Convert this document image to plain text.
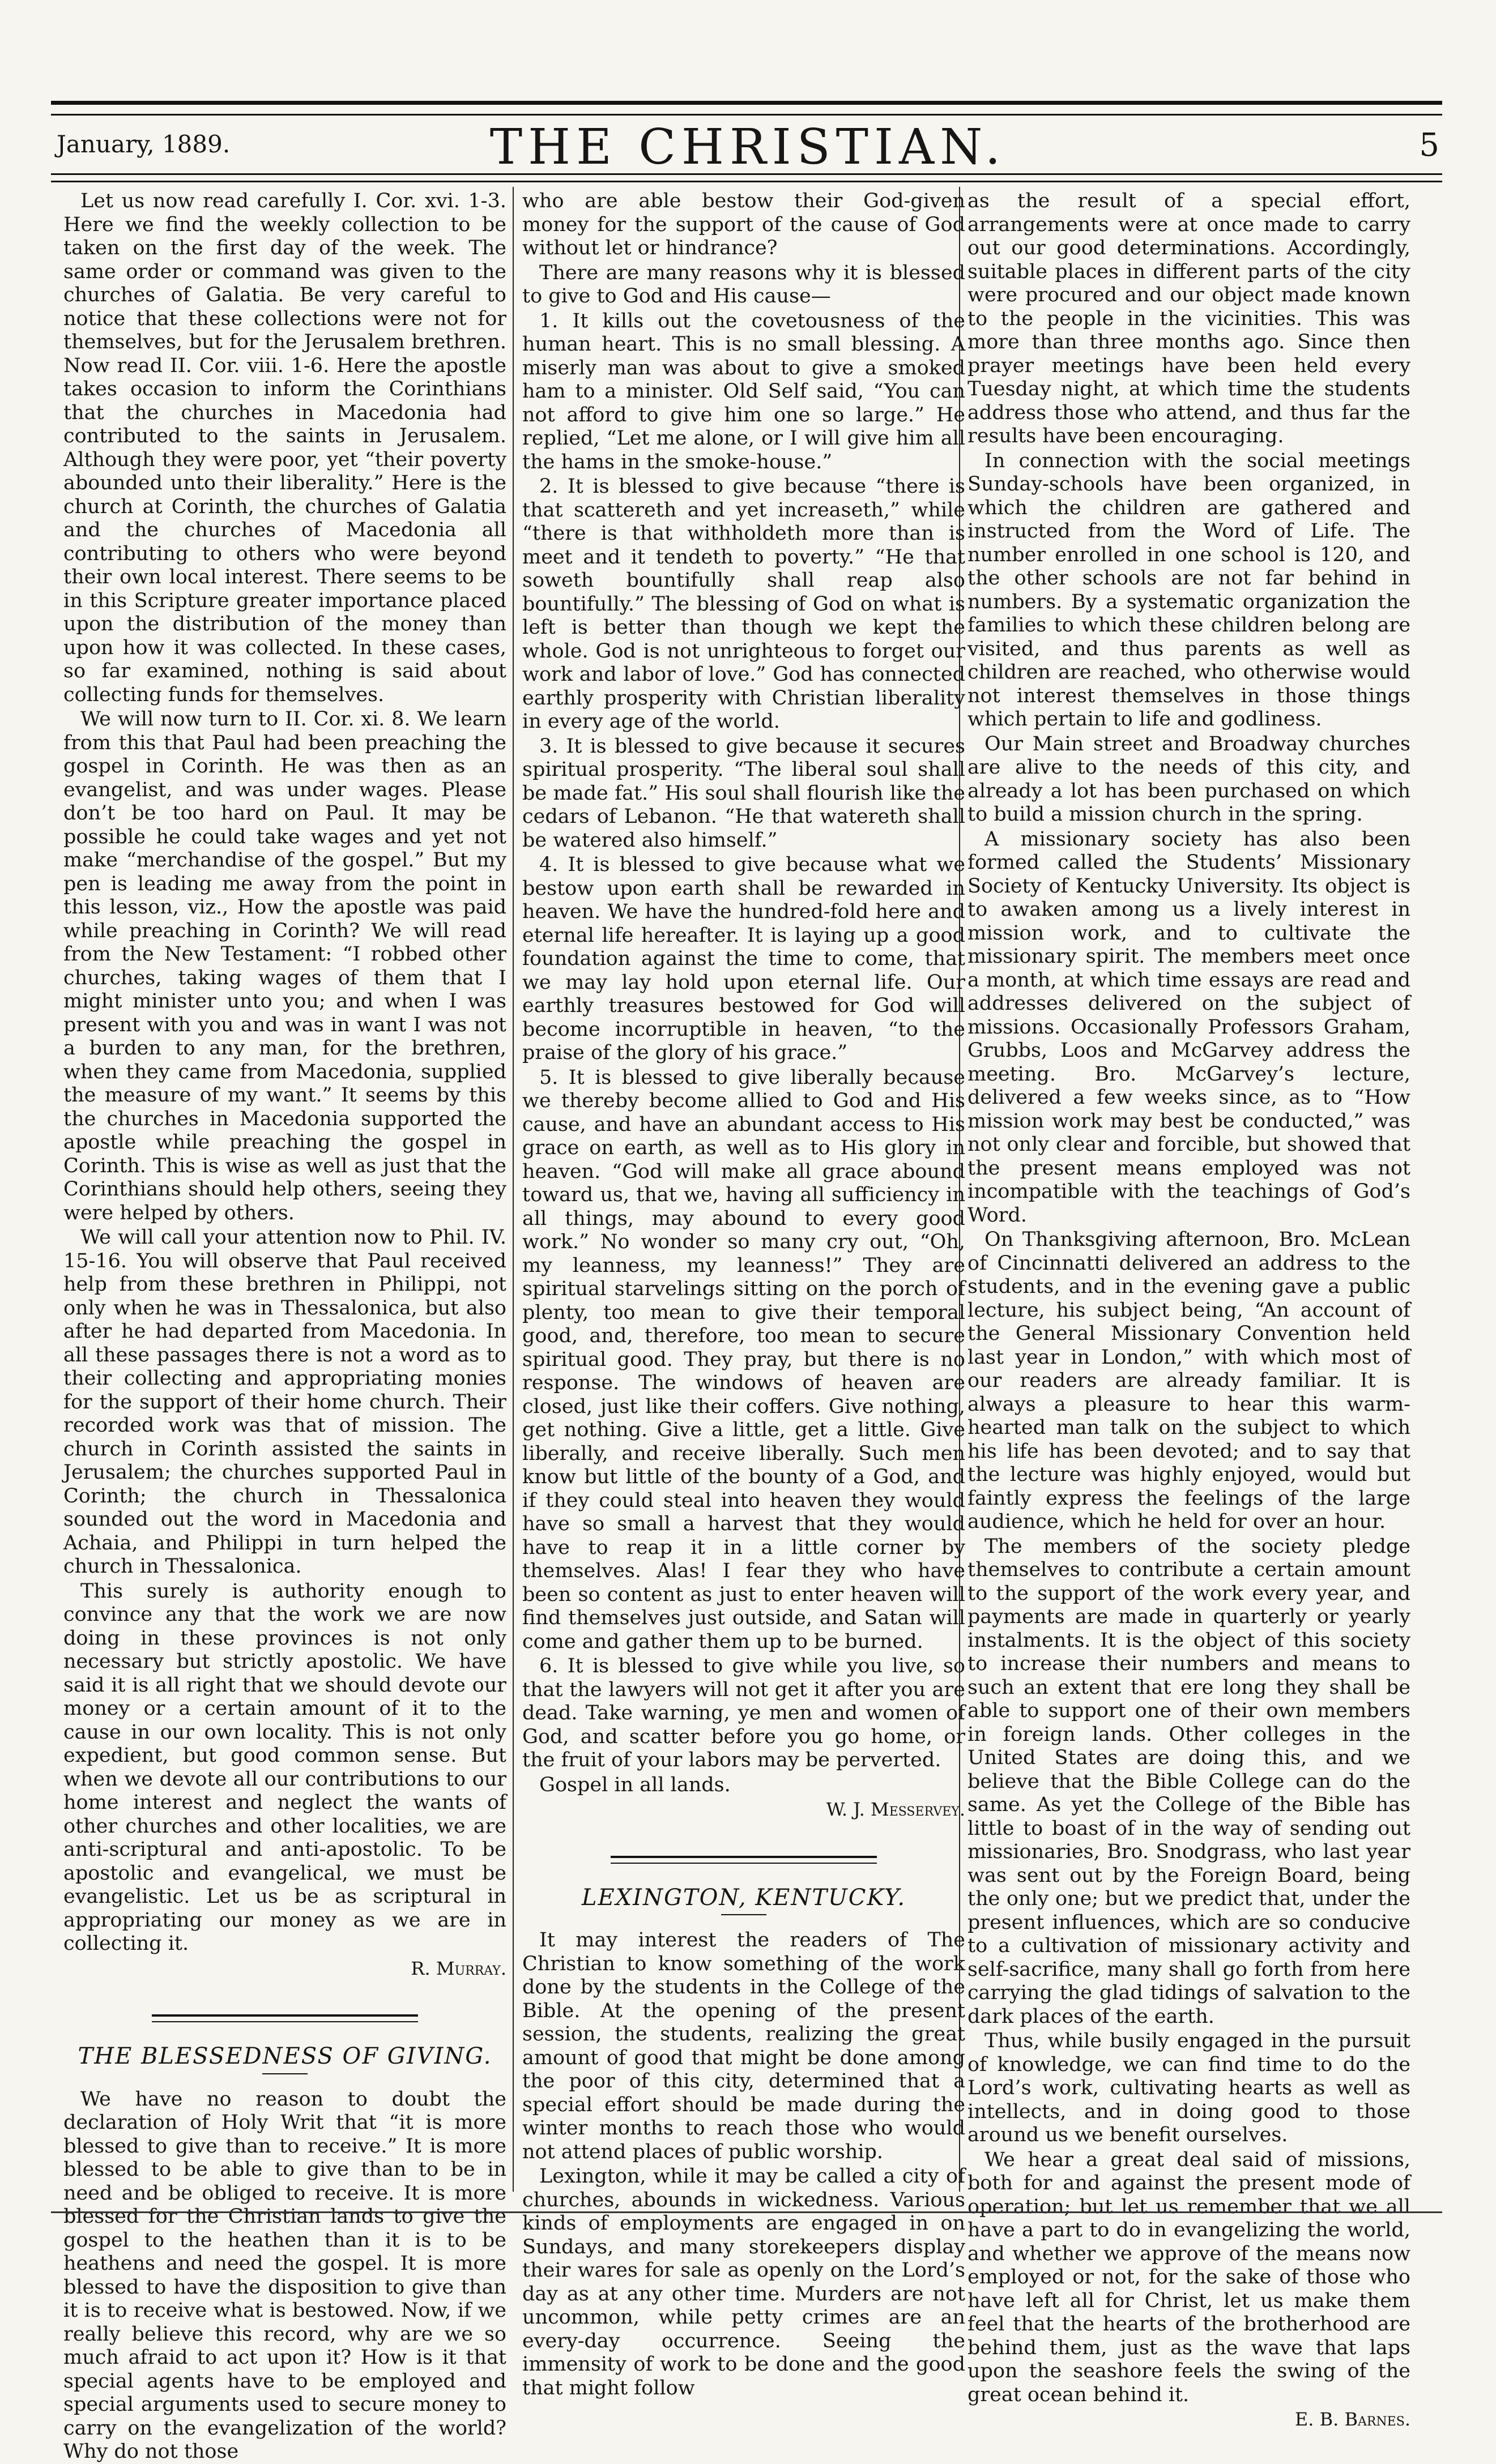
January, 1889.	THE CHRISTIAN.	5

Let us now read carefully I. Cor. xvi. 1-3. Here we find the weekly collection to be taken on the first day of the week. The same order or command was given to the churches of Galatia. Be very careful to notice that these collections were not for themselves, but for the Jerusalem brethren. Now read II. Cor. viii. 1-6. Here the apostle takes occasion to inform the Corinthians that the churches in Macedonia had contributed to the saints in Jerusalem. Although they were poor, yet “their poverty abounded unto their liberality.” Here is the church at Corinth, the churches of Galatia and the churches of Macedonia all contributing to others who were beyond their own local interest. There seems to be in this Scripture greater importance placed upon the distribution of the money than upon how it was collected. In these cases, so far examined, nothing is said about collecting funds for themselves.

We will now turn to II. Cor. xi. 8. We learn from this that Paul had been preaching the gospel in Corinth. He was then as an evangelist, and was under wages. Please don’t be too hard on Paul. It may be possible he could take wages and yet not make “merchandise of the gospel.” But my pen is leading me away from the point in this lesson, viz., How the apostle was paid while preaching in Corinth? We will read from the New Testament: “I robbed other churches, taking wages of them that I might minister unto you; and when I was present with you and was in want I was not a burden to any man, for the brethren, when they came from Macedonia, supplied the measure of my want.” It seems by this the churches in Macedonia supported the apostle while preaching the gospel in Corinth. This is wise as well as just that the Corinthians should help others, seeing they were helped by others.

We will call your attention now to Phil. IV. 15-16. You will observe that Paul received help from these brethren in Philippi, not only when he was in Thessalonica, but also after he had departed from Macedonia. In all these passages there is not a word as to their collecting and appropriating monies for the support of their home church. Their recorded work was that of mission. The church in Corinth assisted the saints in Jerusalem; the churches supported Paul in Corinth; the church in Thessalonica sounded out the word in Macedonia and Achaia, and Philippi in turn helped the church in Thessalonica.

This surely is authority enough to convince any that the work we are now doing in these provinces is not only necessary but strictly apostolic. We have said it is all right that we should devote our money or a certain amount of it to the cause in our own locality. This is not only expedient, but good common sense. But when we devote all our contributions to our home interest and neglect the wants of other churches and other localities, we are anti-scriptural and anti-apostolic. To be apostolic and evangelical, we must be evangelistic. Let us be as scriptural in appropriating our money as we are in collecting it.

R. Murray.

THE BLESSEDNESS OF GIVING.

We have no reason to doubt the declaration of Holy Writ that “it is more blessed to give than to receive.” It is more blessed to be able to give than to be in need and be obliged to receive. It is more blessed for the Christian lands to give the gospel to the heathen than it is to be heathens and need the gospel. It is more blessed to have the disposition to give than it is to receive what is bestowed. Now, if we really believe this record, why are we so much afraid to act upon it? How is it that special agents have to be employed and special arguments used to secure money to carry on the evangelization of the world? Why do not those

who are able bestow their God-given money for the support of the cause of God without let or hindrance?

There are many reasons why it is blessed to give to God and His cause—

1. It kills out the covetousness of the human heart. This is no small blessing. A miserly man was about to give a smoked ham to a minister. Old Self said, “You can not afford to give him one so large.” He replied, “Let me alone, or I will give him all the hams in the smoke-house.”

2. It is blessed to give because “there is that scattereth and yet increaseth,” while “there is that withholdeth more than is meet and it tendeth to poverty.” “He that soweth bountifully shall reap also bountifully.” The blessing of God on what is left is better than though we kept the whole. God is not unrighteous to forget our work and labor of love.” God has connected earthly prosperity with Christian liberality in every age of the world.

3. It is blessed to give because it secures spiritual prosperity. “The liberal soul shall be made fat.” His soul shall flourish like the cedars of Lebanon. “He that watereth shall be watered also himself.”

4. It is blessed to give because what we bestow upon earth shall be rewarded in heaven. We have the hundred-fold here and eternal life hereafter. It is laying up a good foundation against the time to come, that we may lay hold upon eternal life. Our earthly treasures bestowed for God will become incorruptible in heaven, “to the praise of the glory of his grace.”

5. It is blessed to give liberally because we thereby become allied to God and His cause, and have an abundant access to His grace on earth, as well as to His glory in heaven. “God will make all grace abound toward us, that we, having all sufficiency in all things, may abound to every good work.” No wonder so many cry out, “Oh, my leanness, my leanness!” They are spiritual starvelings sitting on the porch of plenty, too mean to give their temporal good, and, therefore, too mean to secure spiritual good. They pray, but there is no response. The windows of heaven are closed, just like their coffers. Give nothing, get nothing. Give a little, get a little. Give liberally, and receive liberally. Such men know but little of the bounty of a God, and if they could steal into heaven they would have so small a harvest that they would have to reap it in a little corner by themselves. Alas! I fear they who have been so content as just to enter heaven will find themselves just outside, and Satan will come and gather them up to be burned.

6. It is blessed to give while you live, so that the lawyers will not get it after you are dead. Take warning, ye men and women of God, and scatter before you go home, or the fruit of your labors may be perverted.

Gospel in all lands.

W. J. Messervey.

LEXINGTON, KENTUCKY.

It may interest the readers of The Christian to know something of the work done by the students in the College of the Bible. At the opening of the present session, the students, realizing the great amount of good that might be done among the poor of this city, determined that a special effort should be made during the winter months to reach those who would not attend places of public worship.

Lexington, while it may be called a city of churches, abounds in wickedness. Various kinds of employments are engaged in on Sundays, and many storekeepers display their wares for sale as openly on the Lord’s day as at any other time. Murders are not uncommon, while petty crimes are an every-day occurrence. Seeing the immensity of work to be done and the good that might follow

as the result of a special effort, arrangements were at once made to carry out our good determinations. Accordingly, suitable places in different parts of the city were procured and our object made known to the people in the vicinities. This was more than three months ago. Since then prayer meetings have been held every Tuesday night, at which time the students address those who attend, and thus far the results have been encouraging.

In connection with the social meetings Sunday-schools have been organized, in which the children are gathered and instructed from the Word of Life. The number enrolled in one school is 120, and the other schools are not far behind in numbers. By a systematic organization the families to which these children belong are visited, and thus parents as well as children are reached, who otherwise would not interest themselves in those things which pertain to life and godliness.

Our Main street and Broadway churches are alive to the needs of this city, and already a lot has been purchased on which to build a mission church in the spring.

A missionary society has also been formed called the Students’ Missionary Society of Kentucky University. Its object is to awaken among us a lively interest in mission work, and to cultivate the missionary spirit. The members meet once a month, at which time essays are read and addresses delivered on the subject of missions. Occasionally Professors Graham, Grubbs, Loos and McGarvey address the meeting. Bro. McGarvey’s lecture, delivered a few weeks since, as to “How mission work may best be conducted,” was not only clear and forcible, but showed that the present means employed was not incompatible with the teachings of God’s Word.

On Thanksgiving afternoon, Bro. McLean of Cincinnatti delivered an address to the students, and in the evening gave a public lecture, his subject being, “An account of the General Missionary Convention held last year in London,” with which most of our readers are already familiar. It is always a pleasure to hear this warm-hearted man talk on the subject to which his life has been devoted; and to say that the lecture was highly enjoyed, would but faintly express the feelings of the large audience, which he held for over an hour.

The members of the society pledge themselves to contribute a certain amount to the support of the work every year, and payments are made in quarterly or yearly instalments. It is the object of this society to increase their numbers and means to such an extent that ere long they shall be able to support one of their own members in foreign lands. Other colleges in the United States are doing this, and we believe that the Bible College can do the same. As yet the College of the Bible has little to boast of in the way of sending out missionaries, Bro. Snodgrass, who last year was sent out by the Foreign Board, being the only one; but we predict that, under the present influences, which are so conducive to a cultivation of missionary activity and self-sacrifice, many shall go forth from here carrying the glad tidings of salvation to the dark places of the earth.

Thus, while busily engaged in the pursuit of knowledge, we can find time to do the Lord’s work, cultivating hearts as well as intellects, and in doing good to those around us we benefit ourselves.

We hear a great deal said of missions, both for and against the present mode of operation; but let us remember that we all have a part to do in evangelizing the world, and whether we approve of the means now employed or not, for the sake of those who have left all for Christ, let us make them feel that the hearts of the brotherhood are behind them, just as the wave that laps upon the seashore feels the swing of the great ocean behind it.

E. B. Barnes.
